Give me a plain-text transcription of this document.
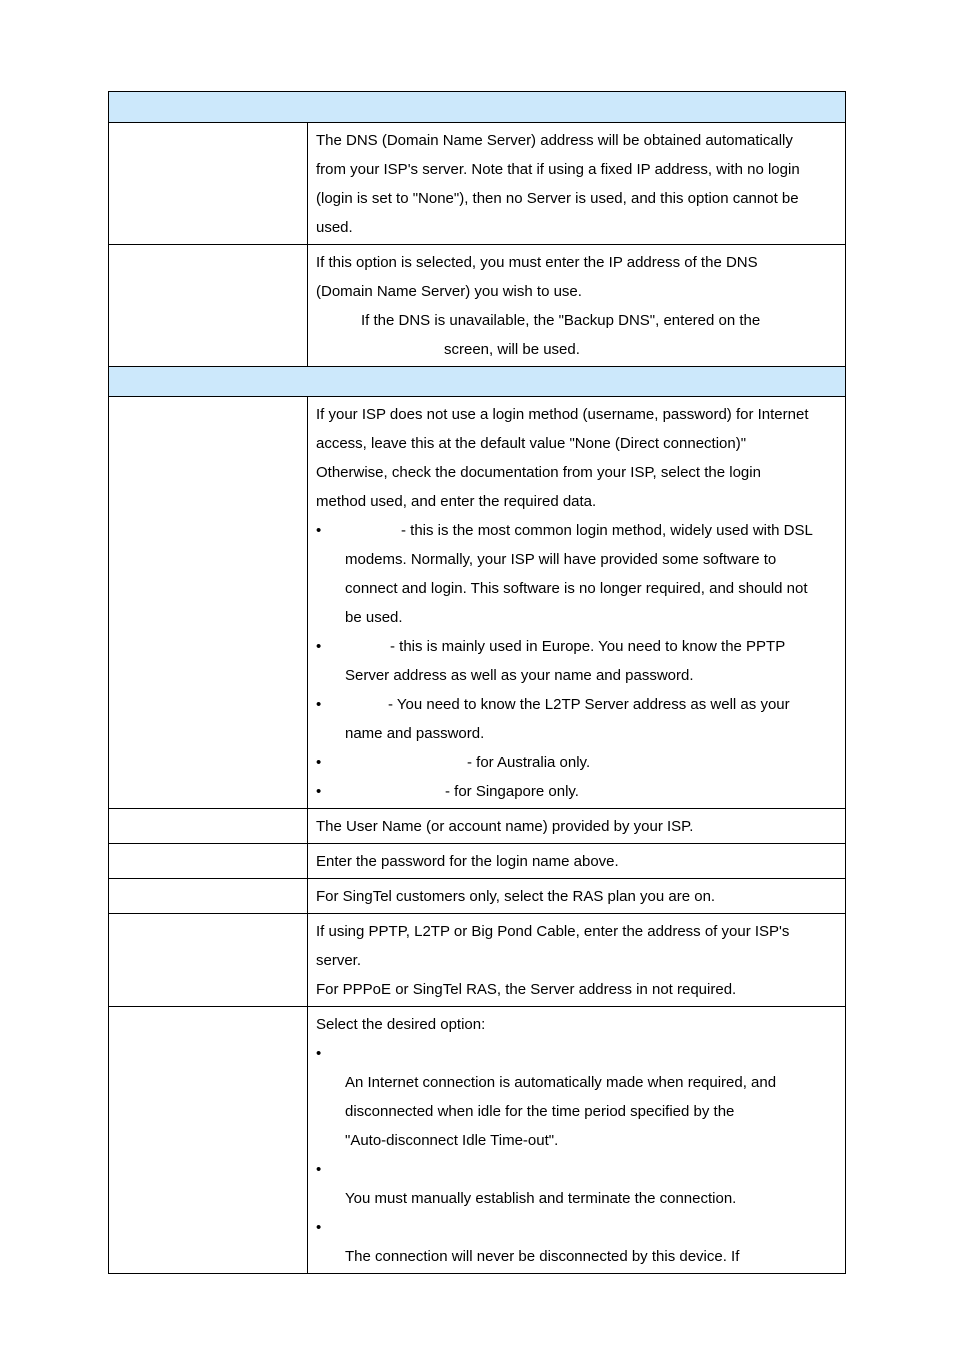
The DNS (Domain Name Server) address will be obtained automatically
from your ISP's server. Note that if using a fixed IP address, with no login
(login is set to "None"), then no Server is used, and this option cannot be
used.
If this option is selected, you must enter the IP address of the DNS
(Domain Name Server) you wish to use.
If the DNS is unavailable, the "Backup DNS", entered on the
screen, will be used.
If your ISP does not use a login method (username, password) for Internet
access, leave this at the default value "None (Direct connection)"
Otherwise, check the documentation from your ISP, select the login
method used, and enter the required data.
• - this is the most common login method, widely used with DSL
modems. Normally, your ISP will have provided some software to
connect and login. This software is no longer required, and should not
be used.
• - this is mainly used in Europe. You need to know the PPTP
Server address as well as your name and password.
• - You need to know the L2TP Server address as well as your
name and password.
• - for Australia only.
• - for Singapore only.
The User Name (or account name) provided by your ISP.
Enter the password for the login name above.
For SingTel customers only, select the RAS plan you are on.
If using PPTP, L2TP or Big Pond Cable, enter the address of your ISP's
server.
For PPPoE or SingTel RAS, the Server address in not required.
Select the desired option:
•
An Internet connection is automatically made when required, and
disconnected when idle for the time period specified by the
"Auto-disconnect Idle Time-out".
•
You must manually establish and terminate the connection.
•
The connection will never be disconnected by this device. If
